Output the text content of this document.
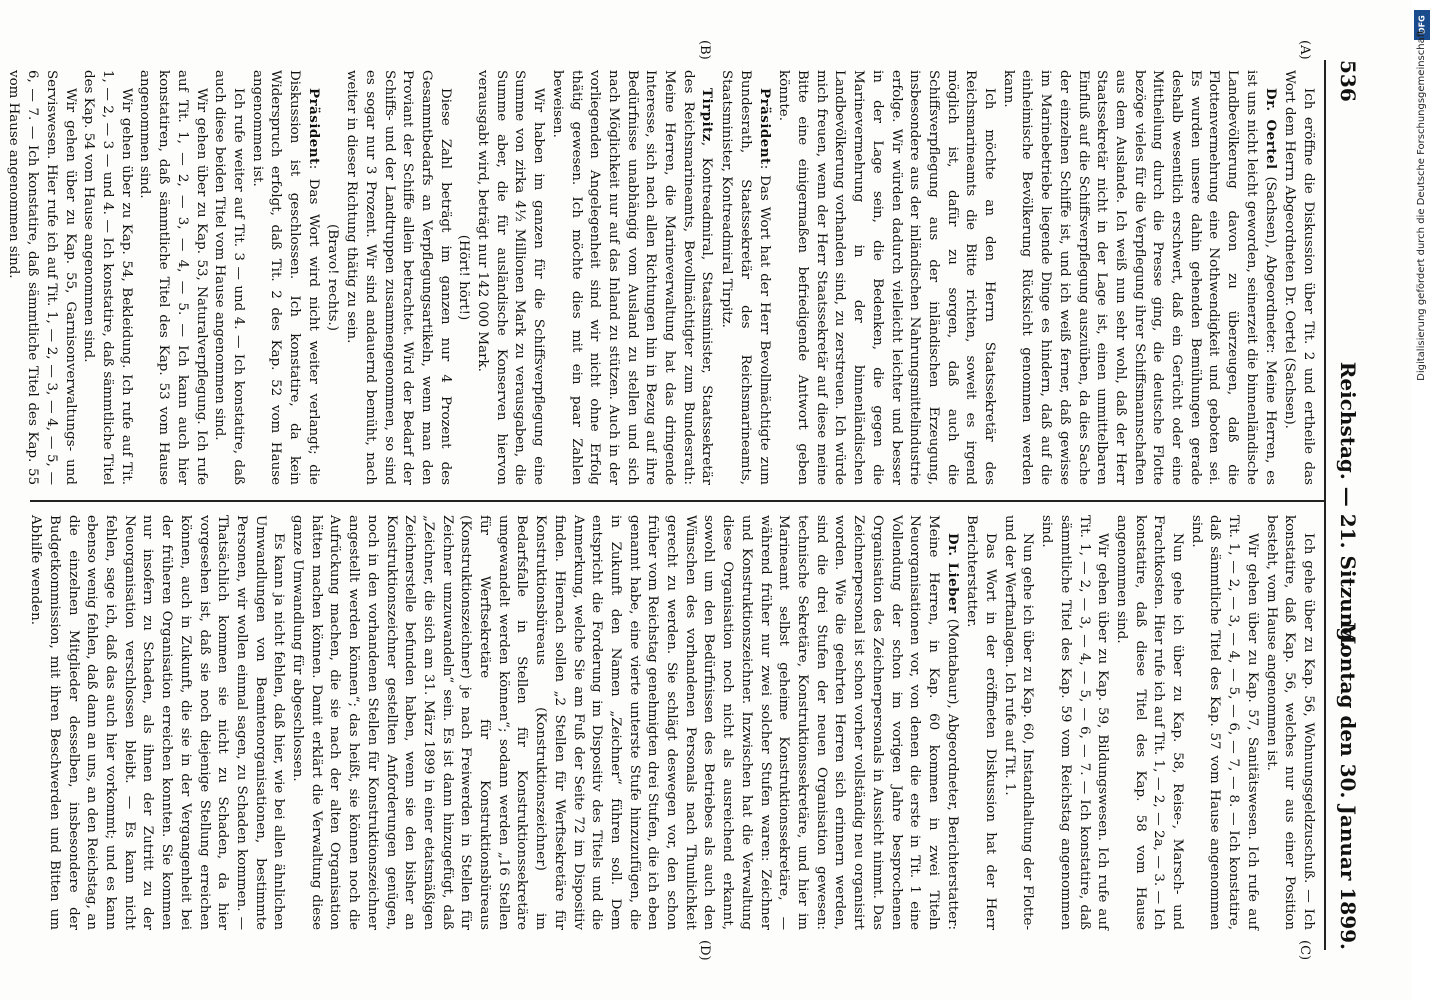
536
Reichstag. — 21. Sitzung.
Montag den 30. Januar 1899.
(A)
(B)
(C)
(D)

Ich eröffne die Diskussion über Tit. 2 und ertheile das Wort dem Herrn Abgeordneten Dr. Oertel (Sachsen).

Dr. Oertel (Sachsen), Abgeordneter: Meine Herren, es ist uns nicht leicht geworden, seinerzeit die binnenländische Landbevölkerung davon zu überzeugen, daß die Flottenvermehrung eine Nothwendigkeit und geboten sei. Es wurden unsere dahin gehenden Bemühungen gerade deshalb wesentlich erschwert, daß ein Gerücht oder eine Mittheilung durch die Presse ging, die deutsche Flotte bezöge vieles für die Verpflegung ihrer Schiffsmannschaften aus dem Auslande. Ich weiß nun sehr wohl, daß der Herr Staatssekretär nicht in der Lage ist, einen unmittelbaren Einfluß auf die Schiffsverpflegung auszuüben, da dies Sache der einzelnen Schiffe ist, und ich weiß ferner, daß gewisse im Marinebetriebe liegende Dinge es hindern, daß auf die einheimische Bevölkerung Rücksicht genommen werden kann.

Ich möchte an den Herrn Staatssekretär des Reichsmarineamts die Bitte richten, soweit es irgend möglich ist, dafür zu sorgen, daß auch die Schiffsverpflegung aus der inländischen Erzeugung, insbesondere aus der inländischen Nahrungsmittelindustrie erfolge. Wir würden dadurch vielleicht leichter und besser in der Lage sein, die Bedenken, die gegen die Marinevermehrung in der binnenländischen Landbevölkerung vorhanden sind, zu zerstreuen. Ich würde mich freuen, wenn der Herr Staatssekretär auf diese meine Bitte eine einigermaßen befriedigende Antwort geben könnte.

Präsident: Das Wort hat der Herr Bevollmächtigte zum Bundesrath, Staatssekretär des Reichsmarineamts, Staatsminister, Kontreadmiral Tirpitz.

Tirpitz, Kontreadmiral, Staatsminister, Staatssekretär des Reichsmarineamts, Bevollmächtigter zum Bundesrath: Meine Herren, die Marineverwaltung hat das dringende Interesse, sich nach allen Richtungen hin in Bezug auf ihre Bedürfnisse unabhängig vom Ausland zu stellen und sich nach Möglichkeit nur auf das Inland zu stützen. Auch in der vorliegenden Angelegenheit sind wir nicht ohne Erfolg thätig gewesen. Ich möchte dies mit ein paar Zahlen beweisen.

Wir haben im ganzen für die Schiffsverpflegung eine Summe von zirka 4½ Millionen Mark zu verausgaben, die Summe aber, die für ausländische Konserven hiervon verausgabt wird, beträgt nur 142 000 Mark.

(Hört! hört!)

Diese Zahl beträgt im ganzen nur 4 Prozent des Gesammtbedarfs an Verpflegungsartikeln, wenn man den Proviant der Schiffe allein betrachtet. Wird der Bedarf der Schiffs- und der Landtruppen zusammengenommen, so sind es sogar nur 3 Prozent. Wir sind andauernd bemüht, nach weiter in dieser Richtung thätig zu sein.

(Bravo! rechts.)

Präsident: Das Wort wird nicht weiter verlangt; die Diskussion ist geschlossen. Ich konstatire, da kein Widerspruch erfolgt, daß Tit. 2 des Kap. 52 vom Hause angenommen ist.

Ich rufe weiter auf Tit. 3 — und 4. — Ich konstatire, daß auch diese beiden Titel vom Hause angenommen sind.

Wir gehen über zu Kap. 53, Naturalverpflegung. Ich rufe auf Tit. 1, — 2, — 3, — 4, — 5. — Ich kann auch hier konstatiren, daß sämmtliche Titel des Kap. 53 vom Hause angenommen sind.

Wir gehen über zu Kap. 54, Bekleidung. Ich rufe auf Tit. 1, — 2, — 3 — und 4. — Ich konstatire, daß sämmtliche Titel des Kap. 54 vom Hause angenommen sind.

Wir gehen über zu Kap. 55, Garnisonverwaltungs- und Serviswesen. Hier rufe ich auf Tit. 1, — 2, — 3, — 4, — 5, — 6, — 7. — Ich konstatire, daß sämmtliche Titel des Kap. 55 vom Hause angenommen sind.

Ich gehe über zu Kap. 56, Wohnungsgeldzuschuß. — Ich konstatire, daß Kap. 56, welches nur aus einer Position besteht, vom Hause angenommen ist.

Wir gehen über zu Kap. 57, Sanitätswesen. Ich rufe auf Tit. 1, — 2, — 3, — 4, — 5, — 6, — 7, — 8. — Ich konstatire, daß sämmtliche Titel des Kap. 57 vom Hause angenommen sind.

Nun gehe ich über zu Kap. 58, Reise-, Marsch- und Frachtkosten. Hier rufe ich auf Tit. 1, — 2, — 2a, — 3. — Ich konstatire, daß diese Titel des Kap. 58 vom Hause angenommen sind.

Wir gehen über zu Kap. 59, Bildungswesen. Ich rufe auf Tit. 1, — 2, — 3, — 4, — 5, — 6, — 7. — Ich konstatire, daß sämmtliche Titel des Kap. 59 vom Reichstag angenommen sind.

Nun gehe ich über zu Kap. 60, Instandhaltung der Flotte- und der Werftanlagen. Ich rufe auf Tit. 1.

Das Wort in der eröffneten Diskussion hat der Herr Berichterstatter.

Dr. Lieber (Montabaur), Abgeordneter, Berichterstatter: Meine Herren, in Kap. 60 kommen in zwei Titeln Neuorganisationen vor, von denen die erste in Tit. 1 eine Vollendung der schon im vorigen Jahre besprochenen Organisation des Zeichnerpersonals in Aussicht nimmt. Das Zeichnerpersonal ist schon vorher vollständig neu organisirt worden. Wie die geehrten Herren sich erinnern werden, sind die drei Stufen der neuen Organisation gewesen: technische Sekretäre, Konstruktionssekretäre, und hier im Marineamt selbst geheime Konstruktionssekretäre, — während früher nur zwei solcher Stufen waren: Zeichner und Konstruktionszeichner. Inzwischen hat die Verwaltung diese Organisation noch nicht als ausreichend erkannt, sowohl um den Bedürfnissen des Betriebes als auch den Wünschen des vorhandenen Personals nach Thunlichkeit gerecht zu werden. Sie schlägt deswegen vor, den schon früher vom Reichstag genehmigten drei Stufen, die ich eben genannt habe, eine vierte unterste Stufe hinzuzufügen, die in Zukunft den Namen „Zeichner“ führen soll. Dem entspricht die Forderung im Dispositiv des Titels und die Anmerkung, welche Sie am Fuß der Seite 72 im Dispositiv finden. Hiernach sollen „2 Stellen für Werftsekretäre für Konstruktionsbüreaus (Konstruktionszeichner) im Bedarfsfalle in Stellen für Konstruktionssekretäre umgewandelt werden können“; sodann werden „16 Stellen für Werftsekretäre für Konstruktionsbüreaus (Konstruktionszeichner) je nach Freiwerden in Stellen für Zeichner umzuwandeln“ sein. Es ist dann hinzugefügt, daß „Zeichner, die sich am 31. März 1899 in einer etatsmäßigen Zeichnerstelle befunden haben, wenn sie den bisher an Konstruktionszeichner gestellten Anforderungen genügen, noch in den vorhandenen Stellen für Konstruktionszeichner angestellt werden können“; das heißt, sie können noch die Aufrückung machen, die sie nach der alten Organisation hätten machen können. Damit erklärt die Verwaltung diese ganze Umwandlung für abgeschlossen.

Es kann ja nicht fehlen, daß hier, wie bei allen ähnlichen Umwandlungen von Beamtenorganisationen, bestimmte Personen, wir wollen einmal sagen, zu Schaden kommen. — Thatsächlich kommen sie nicht zu Schaden, da hier vorgesehen ist, daß sie noch diejenige Stellung erreichen können, auch in Zukunft, die sie in der Vergangenheit bei der früheren Organisation erreichen konnten. Sie kommen nur insofern zu Schaden, als ihnen der Zutritt zu der Neuorganisation verschlossen bleibt. — Es kann nicht fehlen, sage ich, daß das auch hier vorkommt; und es kann ebenso wenig fehlen, daß dann an uns, an den Reichstag, an die einzelnen Mitglieder desselben, insbesondere der Budgetkommission, mit ihren Beschwerden und Bitten um Abhilfe wenden.

DFG
Digitalisierung gefördert durch die Deutsche Forschungsgemeinschaft
